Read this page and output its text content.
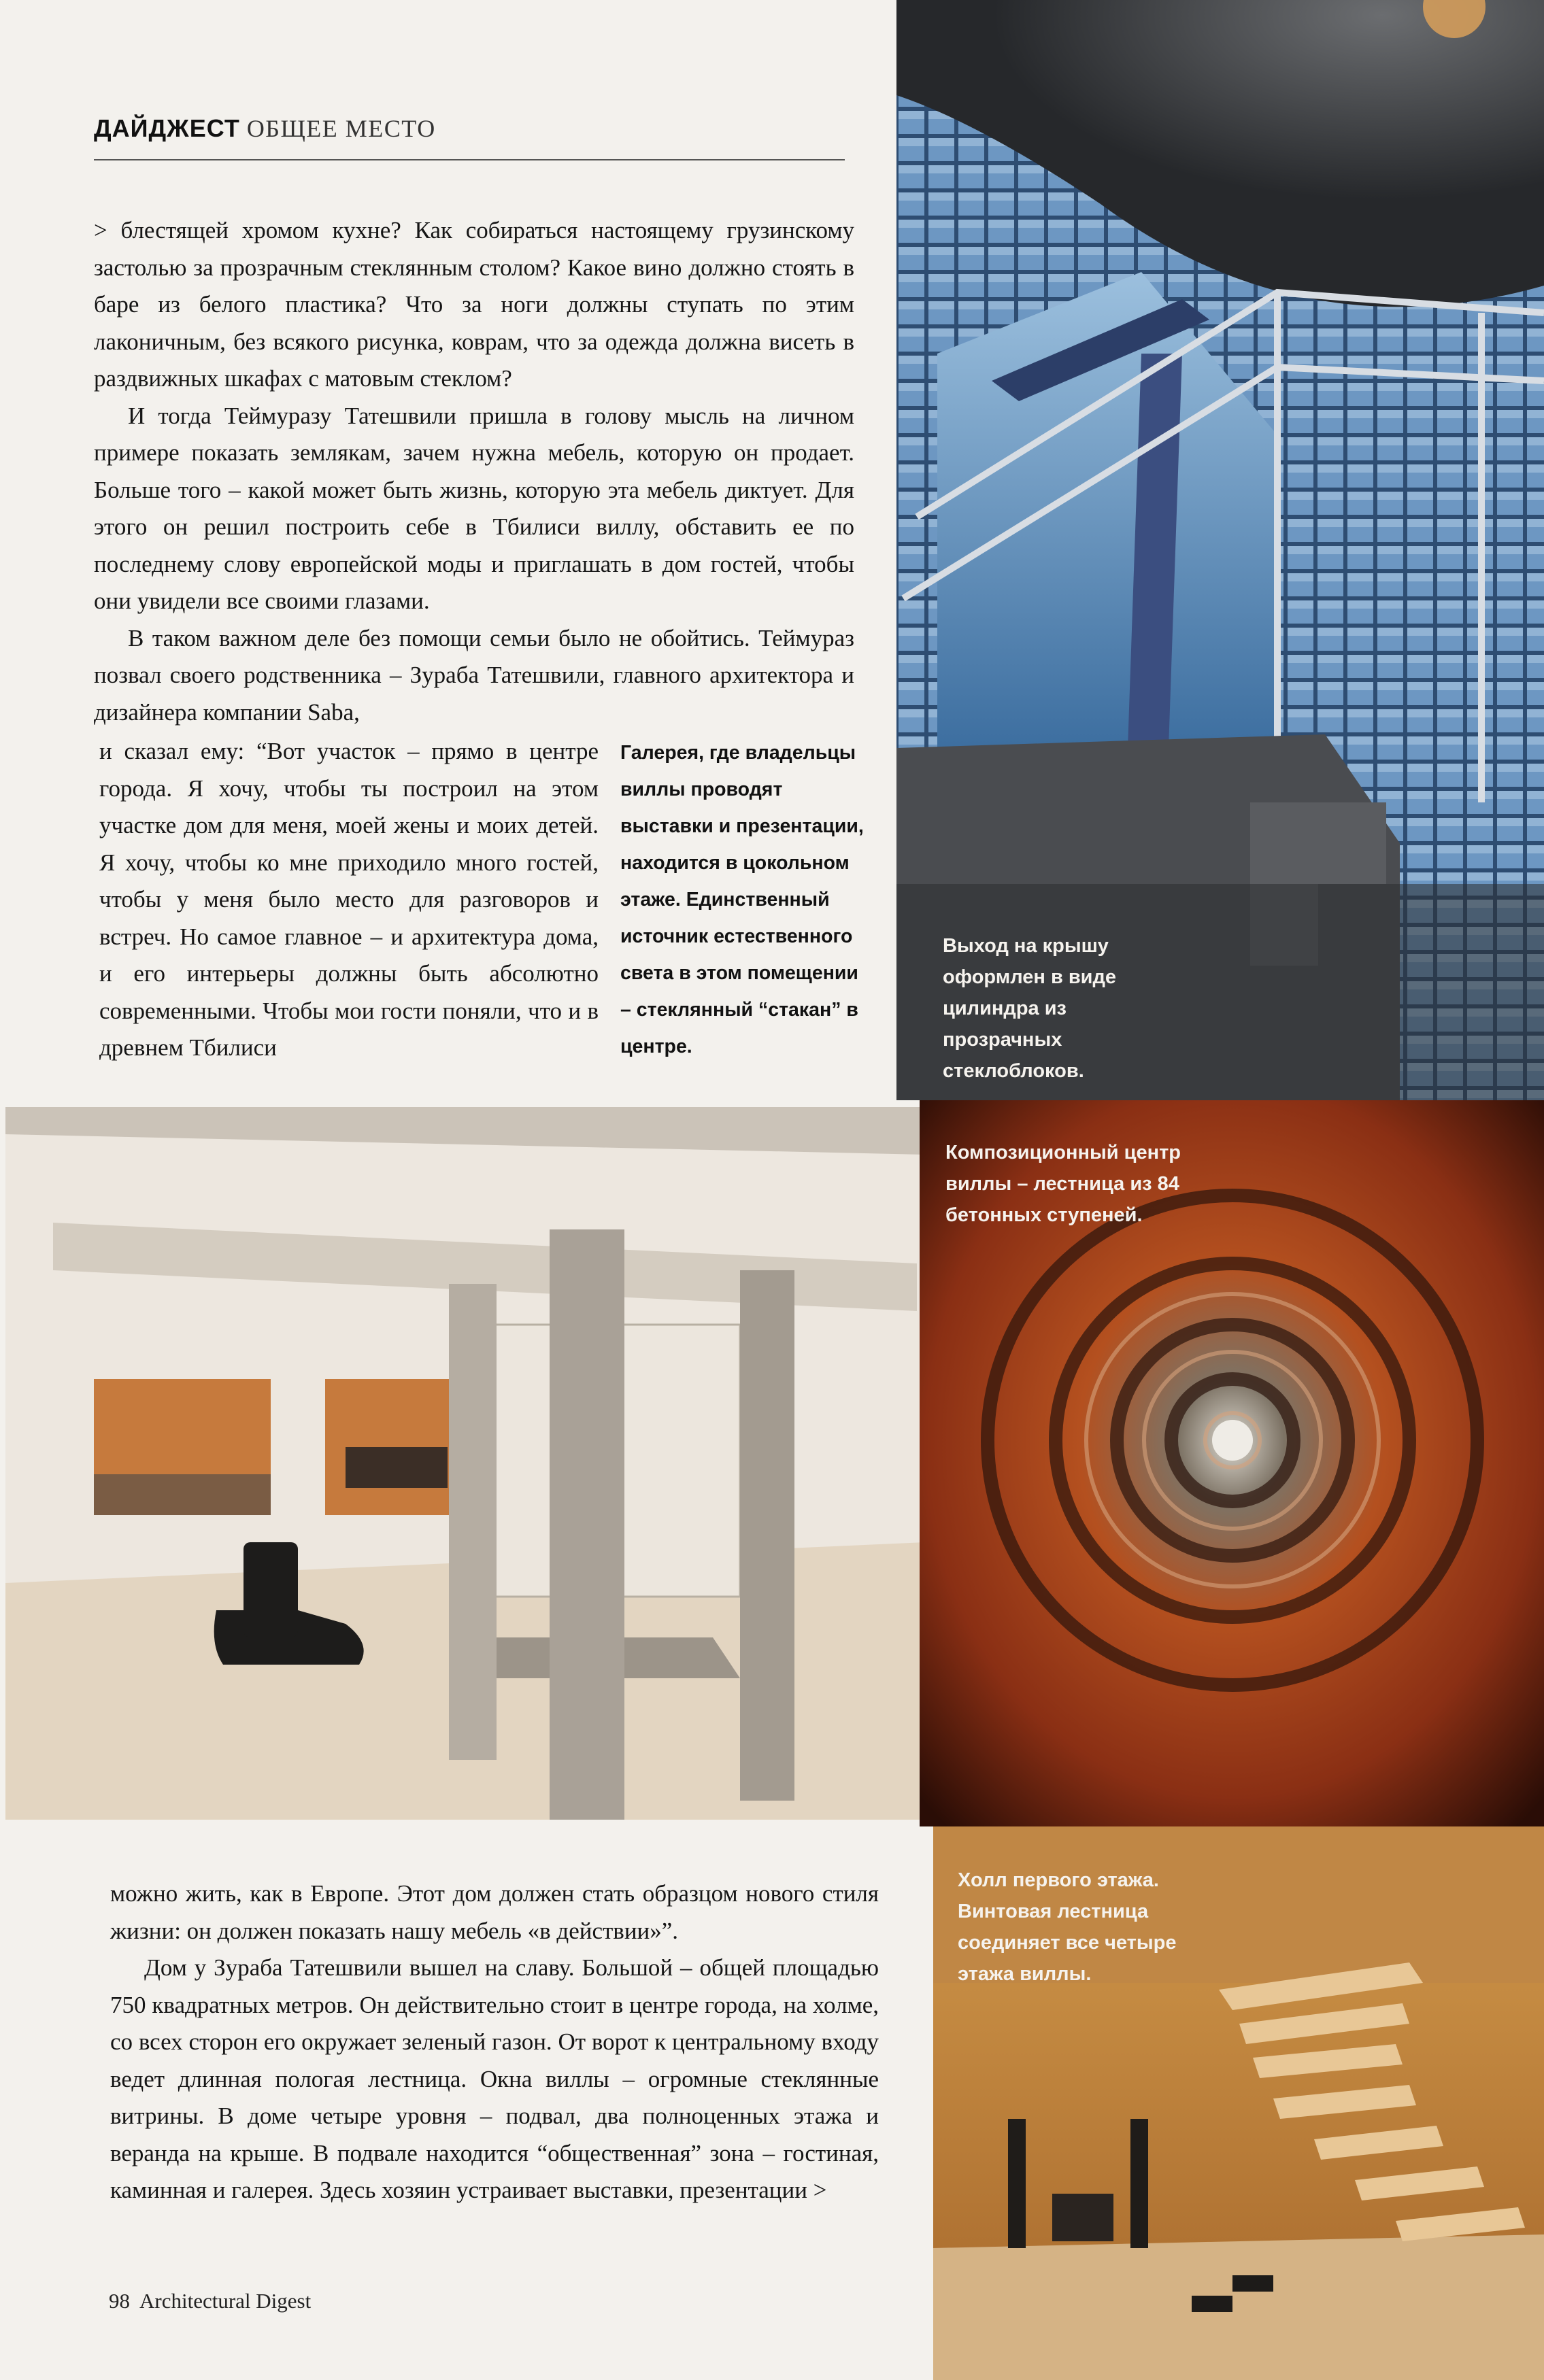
ДАЙДЖЕСТ ОБЩЕЕ МЕСТО

> блестящей хромом кухне? Как собираться настоящему грузинскому застолью за прозрачным стеклянным столом? Какое вино должно стоять в баре из белого пластика? Что за ноги должны ступать по этим лаконичным, без всякого рисунка, коврам, что за одежда должна висеть в раздвижных шкафах с матовым стеклом?

И тогда Теймуразу Татешвили пришла в голову мысль на личном примере показать землякам, зачем нужна мебель, которую он продает. Больше того – какой может быть жизнь, которую эта мебель диктует. Для этого он решил построить себе в Тбилиси виллу, обставить ее по последнему слову европейской моды и приглашать в дом гостей, чтобы они увидели все своими глазами.

В таком важном деле без помощи семьи было не обойтись. Теймураз позвал своего родственника – Зураба Татешвили, главного архитектора и дизайнера компании Saba,

и сказал ему: “Вот участок – прямо в центре города. Я хочу, чтобы ты построил на этом участке дом для меня, моей жены и моих детей. Я хочу, чтобы ко мне приходило много гостей, чтобы у меня было место для разговоров и встреч. Но самое главное – и архитектура дома, и его интерьеры должны быть абсолютно современными. Чтобы мои гости поняли, что и в древнем Тбилиси

Галерея, где владельцы виллы проводят выставки и презентации, находится в цокольном этаже. Единственный источник естественного света в этом помещении – стеклянный “стакан” в центре.
Выход на крышу оформлен в виде цилиндра из прозрачных стеклоблоков.
Композиционный центр виллы – лестница из 84 бетонных ступеней.
Холл первого этажа. Винтовая лестница соединяет все четыре этажа виллы.

можно жить, как в Европе. Этот дом должен стать образцом нового стиля жизни: он должен показать нашу мебель «в действии»”.

Дом у Зураба Татешвили вышел на славу. Большой – общей площадью 750 квадратных метров. Он действительно стоит в центре города, на холме, со всех сторон его окружает зеленый газон. От ворот к центральному входу ведет длинная пологая лестница. Окна виллы – огромные стеклянные витрины. В доме четыре уровня – подвал, два полноценных этажа и веранда на крыше. В подвале находится “общественная” зона – гостиная, каминная и галерея. Здесь хозяин устраивает выставки, презентации >

98 Architectural Digest
